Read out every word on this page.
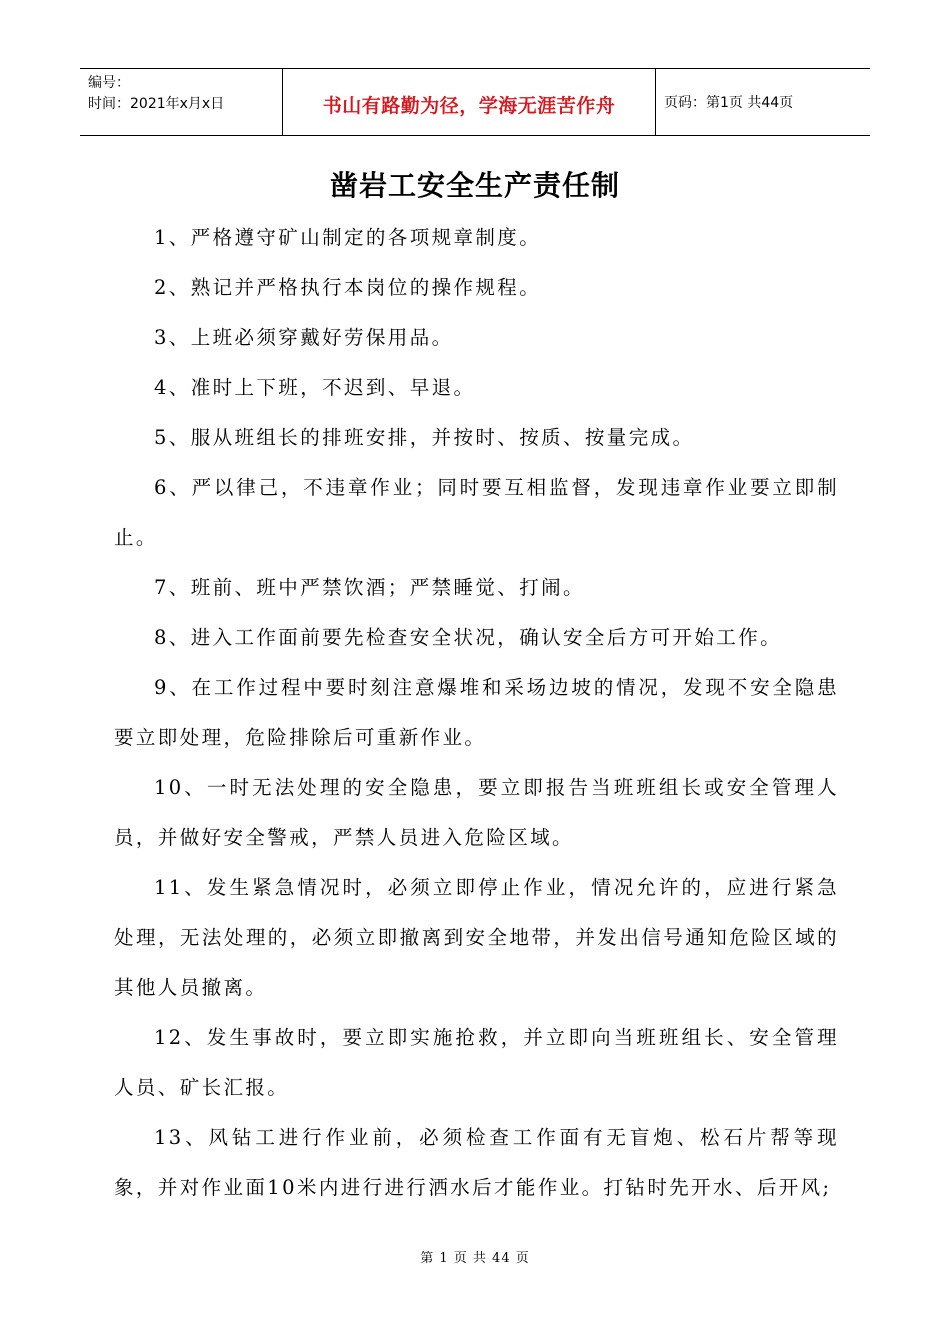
编号：
时间：2021年x月x日	书山有路勤为径，学海无涯苦作舟	页码：第1页 共44页
凿岩工安全生产责任制

1、严格遵守矿山制定的各项规章制度。

2、熟记并严格执行本岗位的操作规程。

3、上班必须穿戴好劳保用品。

4、准时上下班，不迟到、早退。

5、服从班组长的排班安排，并按时、按质、按量完成。

6、严以律己，不违章作业；同时要互相监督，发现违章作业要立即制止。

7、班前、班中严禁饮酒；严禁睡觉、打闹。

8、进入工作面前要先检查安全状况，确认安全后方可开始工作。

9、在工作过程中要时刻注意爆堆和采场边坡的情况，发现不安全隐患要立即处理，危险排除后可重新作业。

10、一时无法处理的安全隐患，要立即报告当班班组长或安全管理人员，并做好安全警戒，严禁人员进入危险区域。

11、发生紧急情况时，必须立即停止作业，情况允许的，应进行紧急处理，无法处理的，必须立即撤离到安全地带，并发出信号通知危险区域的其他人员撤离。

12、发生事故时，要立即实施抢救，并立即向当班班组长、安全管理人员、矿长汇报。

13、风钻工进行作业前，必须检查工作面有无盲炮、松石片帮等现象，并对作业面10米内进行进行洒水后才能作业。打钻时先开水、后开风;

第 1 页 共 44 页
